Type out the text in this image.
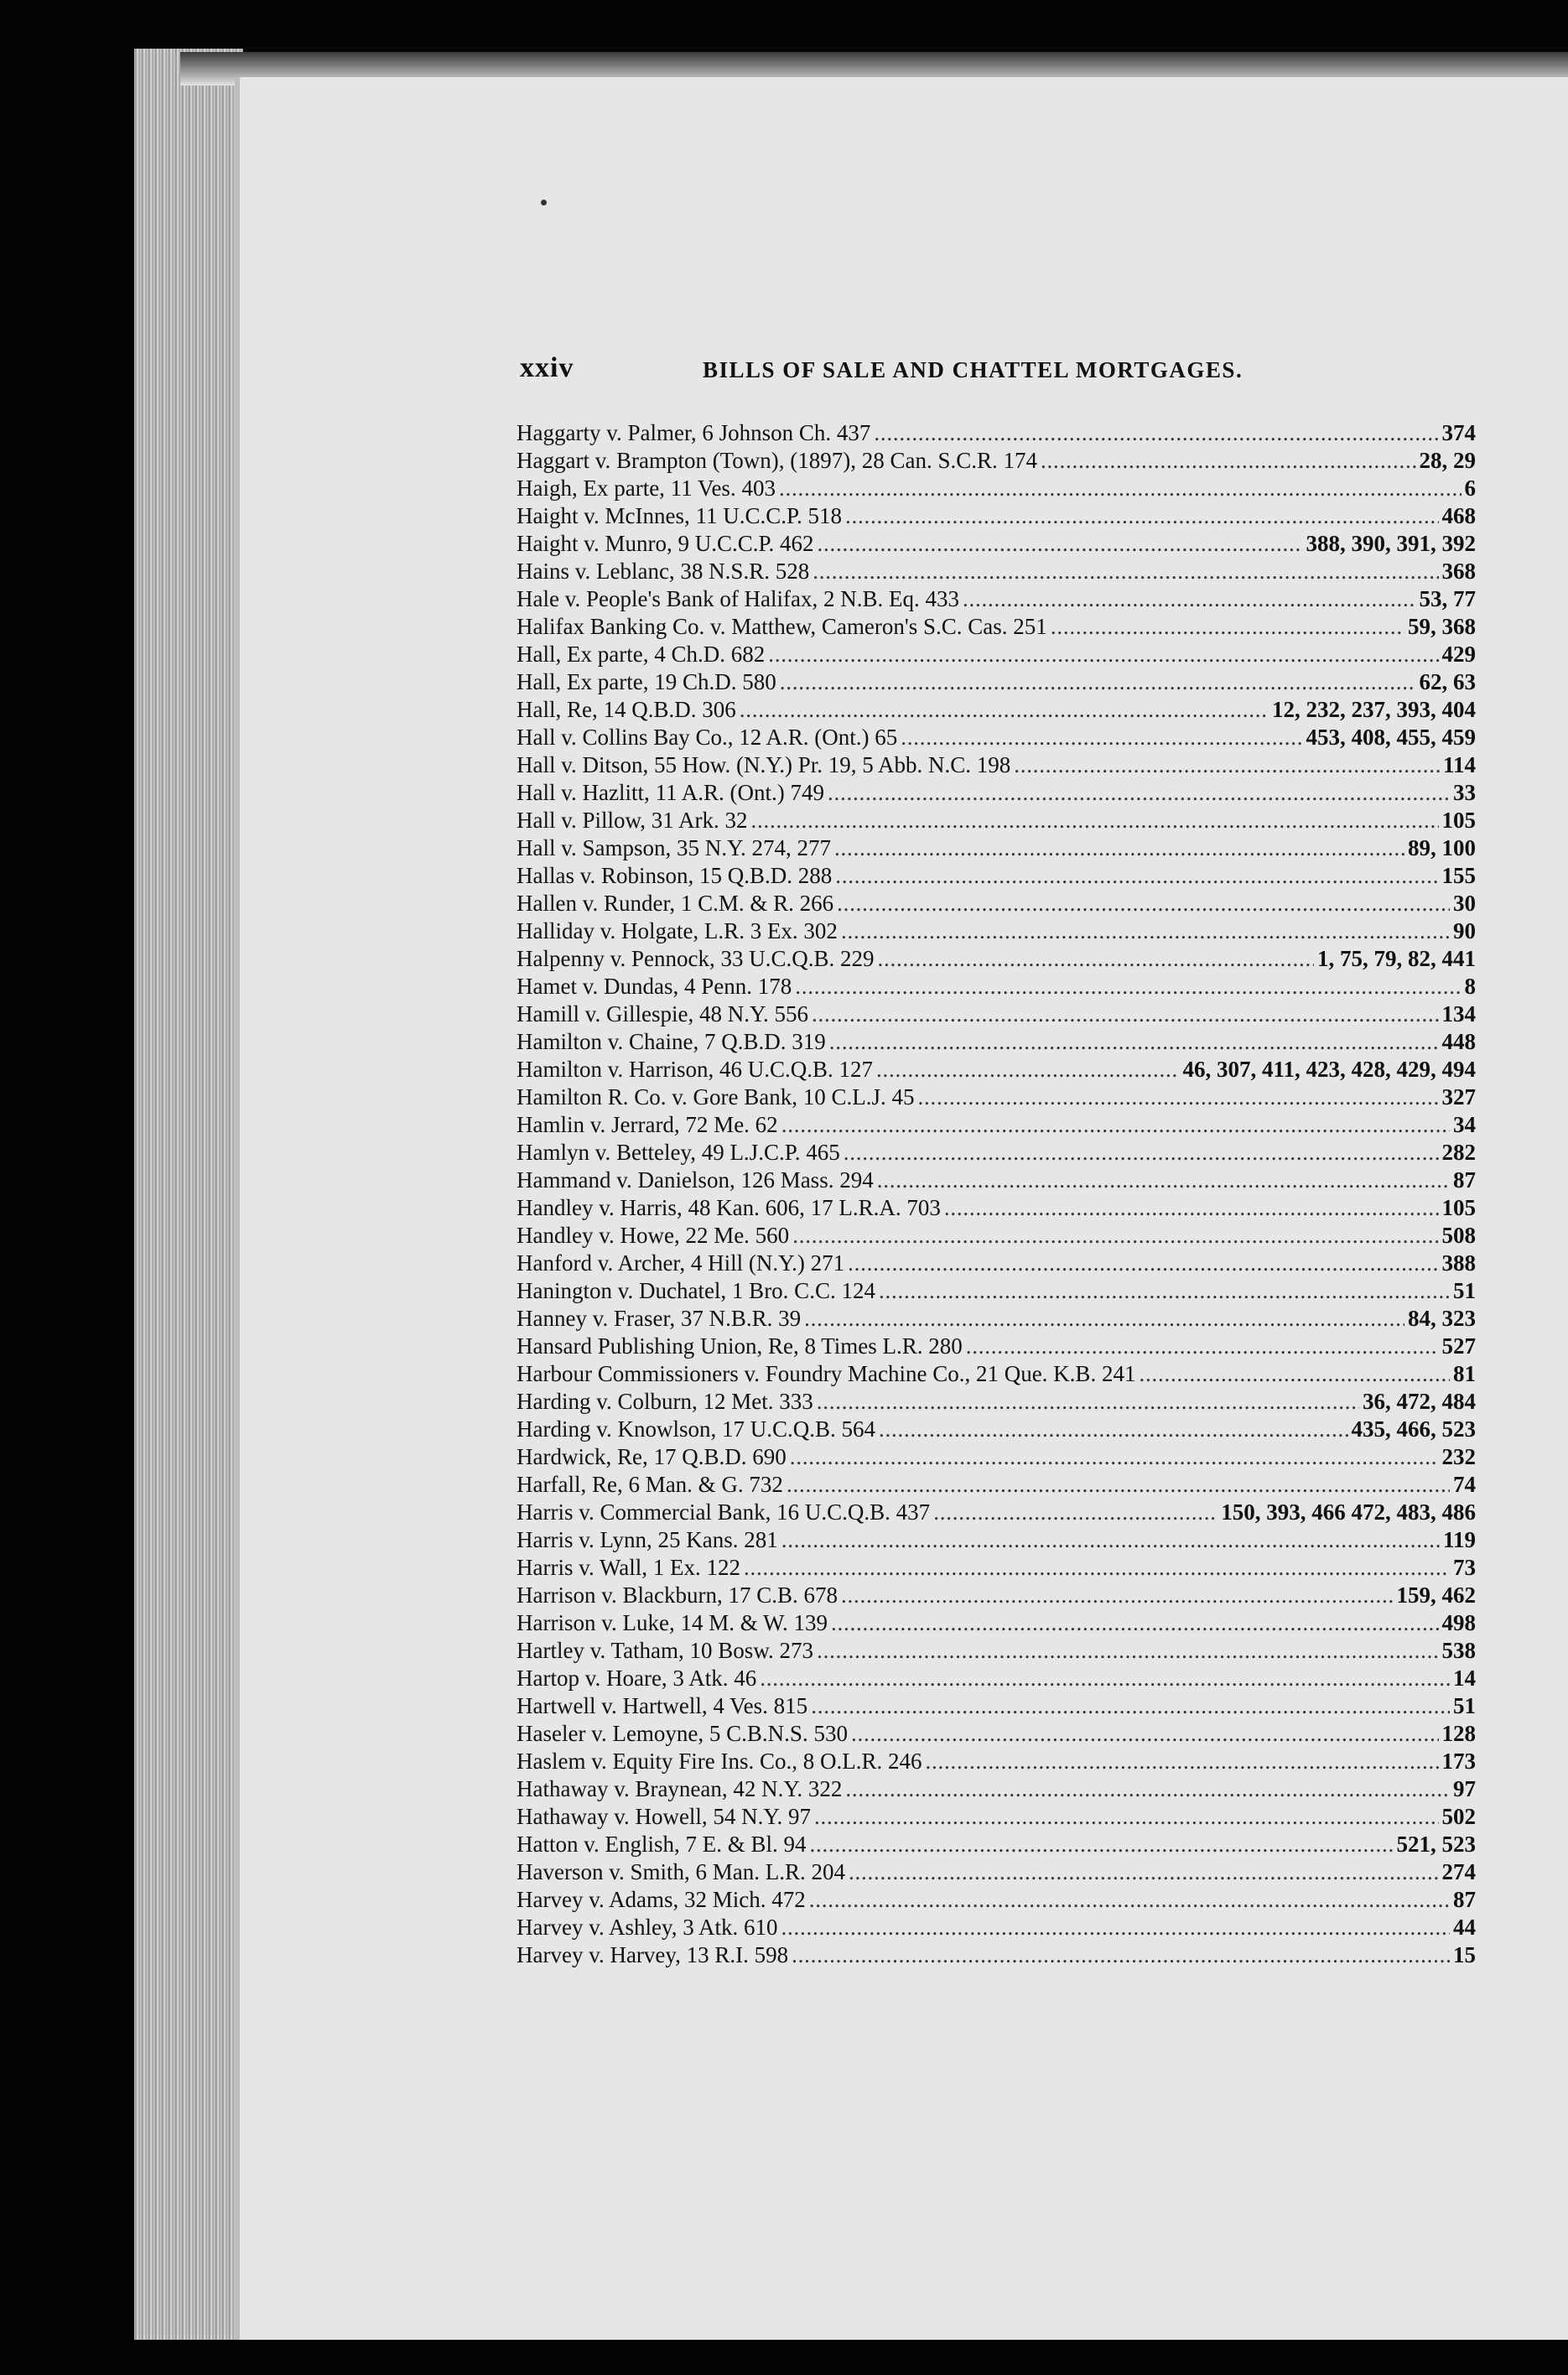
xxiv	BILLS OF SALE AND CHATTEL MORTGAGES.
Haggarty v. Palmer, 6 Johnson Ch. 437 . . .	374
Haggart v. Brampton (Town), (1897), 28 Can. S.C.R. 174 . . .	28, 29
Haigh, Ex parte, 11 Ves. 403 . . .	6
Haight v. McInnes, 11 U.C.C.P. 518 . . .	468
Haight v. Munro, 9 U.C.C.P. 462 . . .	388, 390, 391, 392
Hains v. Leblanc, 38 N.S.R. 528 . . .	368
Hale v. People's Bank of Halifax, 2 N.B. Eq. 433 . . .	53, 77
Halifax Banking Co. v. Matthew, Cameron's S.C. Cas. 251 . . .	59, 368
Hall, Ex parte, 4 Ch.D. 682 . . .	429
Hall, Ex parte, 19 Ch.D. 580 . . .	62, 63
Hall, Re, 14 Q.B.D. 306 . . .	12, 232, 237, 393, 404
Hall v. Collins Bay Co., 12 A.R. (Ont.) 65 . . .	453, 408, 455, 459
Hall v. Ditson, 55 How. (N.Y.) Pr. 19, 5 Abb. N.C. 198 . . .	114
Hall v. Hazlitt, 11 A.R. (Ont.) 749 . . .	33
Hall v. Pillow, 31 Ark. 32 . . .	105
Hall v. Sampson, 35 N.Y. 274, 277 . . .	89, 100
Hallas v. Robinson, 15 Q.B.D. 288 . . .	155
Hallen v. Runder, 1 C.M. & R. 266 . . .	30
Halliday v. Holgate, L.R. 3 Ex. 302 . . .	90
Halpenny v. Pennock, 33 U.C.Q.B. 229 . . .	1, 75, 79, 82, 441
Hamet v. Dundas, 4 Penn. 178 . . .	8
Hamill v. Gillespie, 48 N.Y. 556 . . .	134
Hamilton v. Chaine, 7 Q.B.D. 319 . . .	448
Hamilton v. Harrison, 46 U.C.Q.B. 127 . . .	46, 307, 411, 423, 428, 429, 494
Hamilton R. Co. v. Gore Bank, 10 C.L.J. 45 . . .	327
Hamlin v. Jerrard, 72 Me. 62 . . .	34
Hamlyn v. Betteley, 49 L.J.C.P. 465 . . .	282
Hammand v. Danielson, 126 Mass. 294 . . .	87
Handley v. Harris, 48 Kan. 606, 17 L.R.A. 703 . . .	105
Handley v. Howe, 22 Me. 560 . . .	508
Hanford v. Archer, 4 Hill (N.Y.) 271 . . .	388
Hanington v. Duchatel, 1 Bro. C.C. 124 . . .	51
Hanney v. Fraser, 37 N.B.R. 39 . . .	84, 323
Hansard Publishing Union, Re, 8 Times L.R. 280 . . .	527
Harbour Commissioners v. Foundry Machine Co., 21 Que. K.B. 241 . . .	81
Harding v. Colburn, 12 Met. 333 . . .	36, 472, 484
Harding v. Knowlson, 17 U.C.Q.B. 564 . . .	435, 466, 523
Hardwick, Re, 17 Q.B.D. 690 . . .	232
Harfall, Re, 6 Man. & G. 732 . . .	74
Harris v. Commercial Bank, 16 U.C.Q.B. 437 . . .	150, 393, 466 472, 483, 486
Harris v. Lynn, 25 Kans. 281 . . .	119
Harris v. Wall, 1 Ex. 122 . . .	73
Harrison v. Blackburn, 17 C.B. 678 . . .	159, 462
Harrison v. Luke, 14 M. & W. 139 . . .	498
Hartley v. Tatham, 10 Bosw. 273 . . .	538
Hartop v. Hoare, 3 Atk. 46 . . .	14
Hartwell v. Hartwell, 4 Ves. 815 . . .	51
Haseler v. Lemoyne, 5 C.B.N.S. 530 . . .	128
Haslem v. Equity Fire Ins. Co., 8 O.L.R. 246 . . .	173
Hathaway v. Braynean, 42 N.Y. 322 . . .	97
Hathaway v. Howell, 54 N.Y. 97 . . .	502
Hatton v. English, 7 E. & Bl. 94 . . .	521, 523
Haverson v. Smith, 6 Man. L.R. 204 . . .	274
Harvey v. Adams, 32 Mich. 472 . . .	87
Harvey v. Ashley, 3 Atk. 610 . . .	44
Harvey v. Harvey, 13 R.I. 598 . . .	15
